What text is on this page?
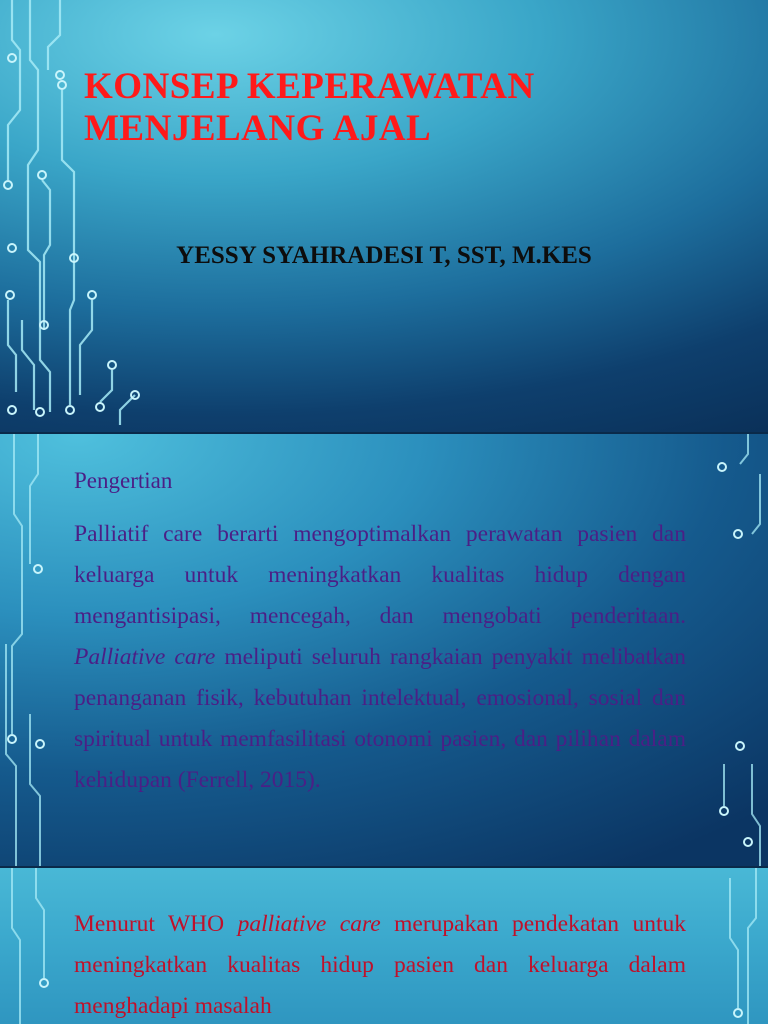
KONSEP KEPERAWATAN
MENJELANG AJAL

YESSY SYAHRADESI T, SST, M.KES

Pengertian

Palliatif care berarti mengoptimalkan perawatan pasien dan keluarga untuk meningkatkan kualitas hidup dengan mengantisipasi, mencegah, dan mengobati penderitaan. Palliative care meliputi seluruh rangkaian penyakit melibatkan penanganan fisik, kebutuhan intelektual, emosional, sosial dan spiritual untuk memfasilitasi otonomi pasien, dan pilihan dalam kehidupan (Ferrell, 2015).

Menurut WHO palliative care merupakan pendekatan untuk meningkatkan kualitas hidup pasien dan keluarga dalam menghadapi masalah
